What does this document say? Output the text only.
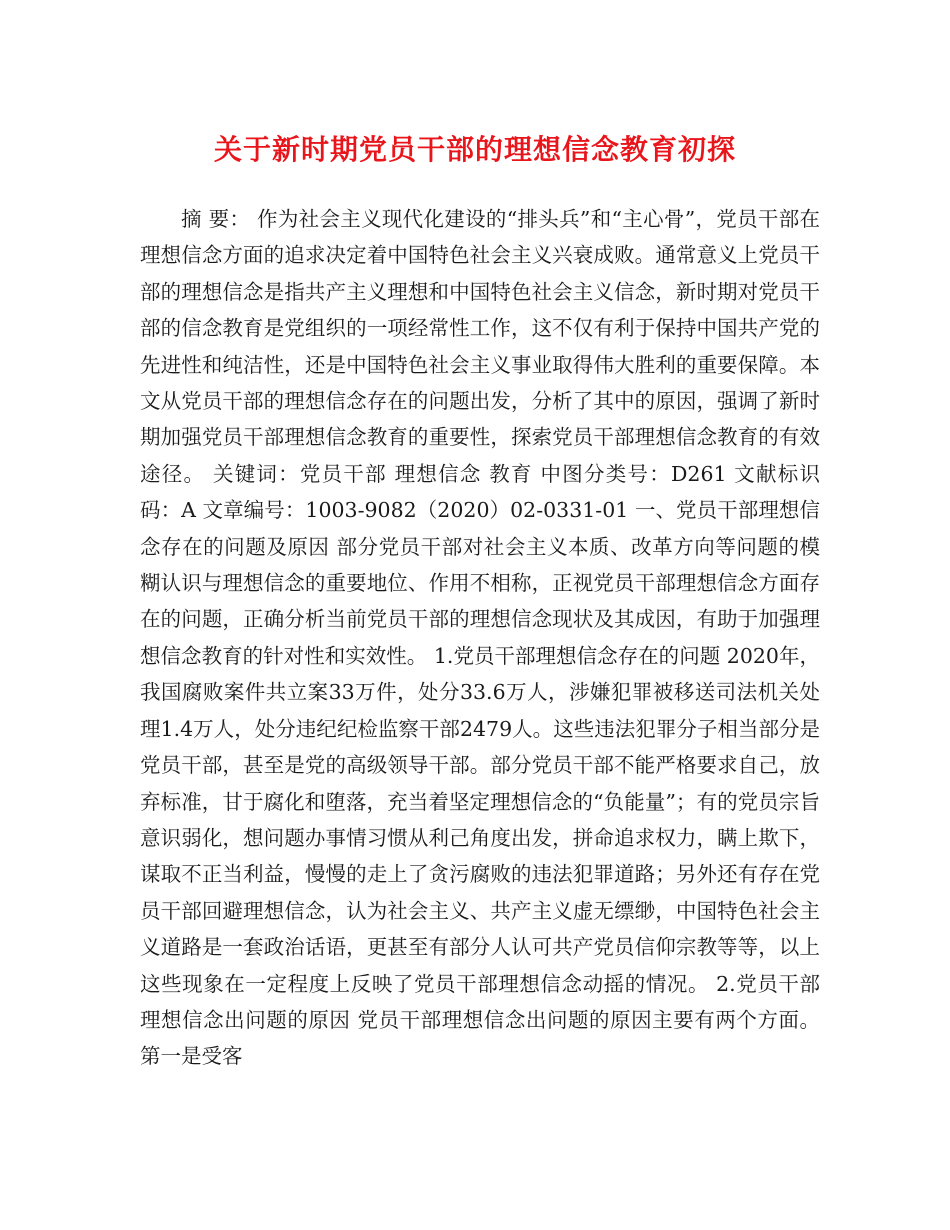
关于新时期党员干部的理想信念教育初探
摘 要： 作为社会主义现代化建设的“排头兵”和“主心骨”，党员干部在理想信念方面的追求决定着中国特色社会主义兴衰成败。通常意义上党员干部的理想信念是指共产主义理想和中国特色社会主义信念，新时期对党员干部的信念教育是党组织的一项经常性工作，这不仅有利于保持中国共产党的先进性和纯洁性，还是中国特色社会主义事业取得伟大胜利的重要保障。本文从党员干部的理想信念存在的问题出发，分析了其中的原因，强调了新时期加强党员干部理想信念教育的重要性，探索党员干部理想信念教育的有效途径。 关键词：党员干部 理想信念 教育 中图分类号：D261 文献标识码：A 文章编号：1003-9082（2020）02-0331-01 一、党员干部理想信念存在的问题及原因 部分党员干部对社会主义本质、改革方向等问题的模糊认识与理想信念的重要地位、作用不相称，正视党员干部理想信念方面存在的问题，正确分析当前党员干部的理想信念现状及其成因，有助于加强理想信念教育的针对性和实效性。 1.党员干部理想信念存在的问题 2020年，我国腐败案件共立案33万件，处分33.6万人，涉嫌犯罪被移送司法机关处理1.4万人，处分违纪纪检监察干部2479人。这些违法犯罪分子相当部分是党员干部，甚至是党的高级领导干部。部分党员干部不能严格要求自己，放弃标准，甘于腐化和堕落，充当着坚定理想信念的“负能量”；有的党员宗旨意识弱化，想问题办事情习惯从利己角度出发，拼命追求权力，瞒上欺下，谋取不正当利益，慢慢的走上了贪污腐败的违法犯罪道路；另外还有存在党员干部回避理想信念，认为社会主义、共产主义虚无缥缈，中国特色社会主义道路是一套政治话语，更甚至有部分人认可共产党员信仰宗教等等，以上这些现象在一定程度上反映了党员干部理想信念动摇的情况。 2.党员干部理想信念出问题的原因 党员干部理想信念出问题的原因主要有两个方面。第一是受客
